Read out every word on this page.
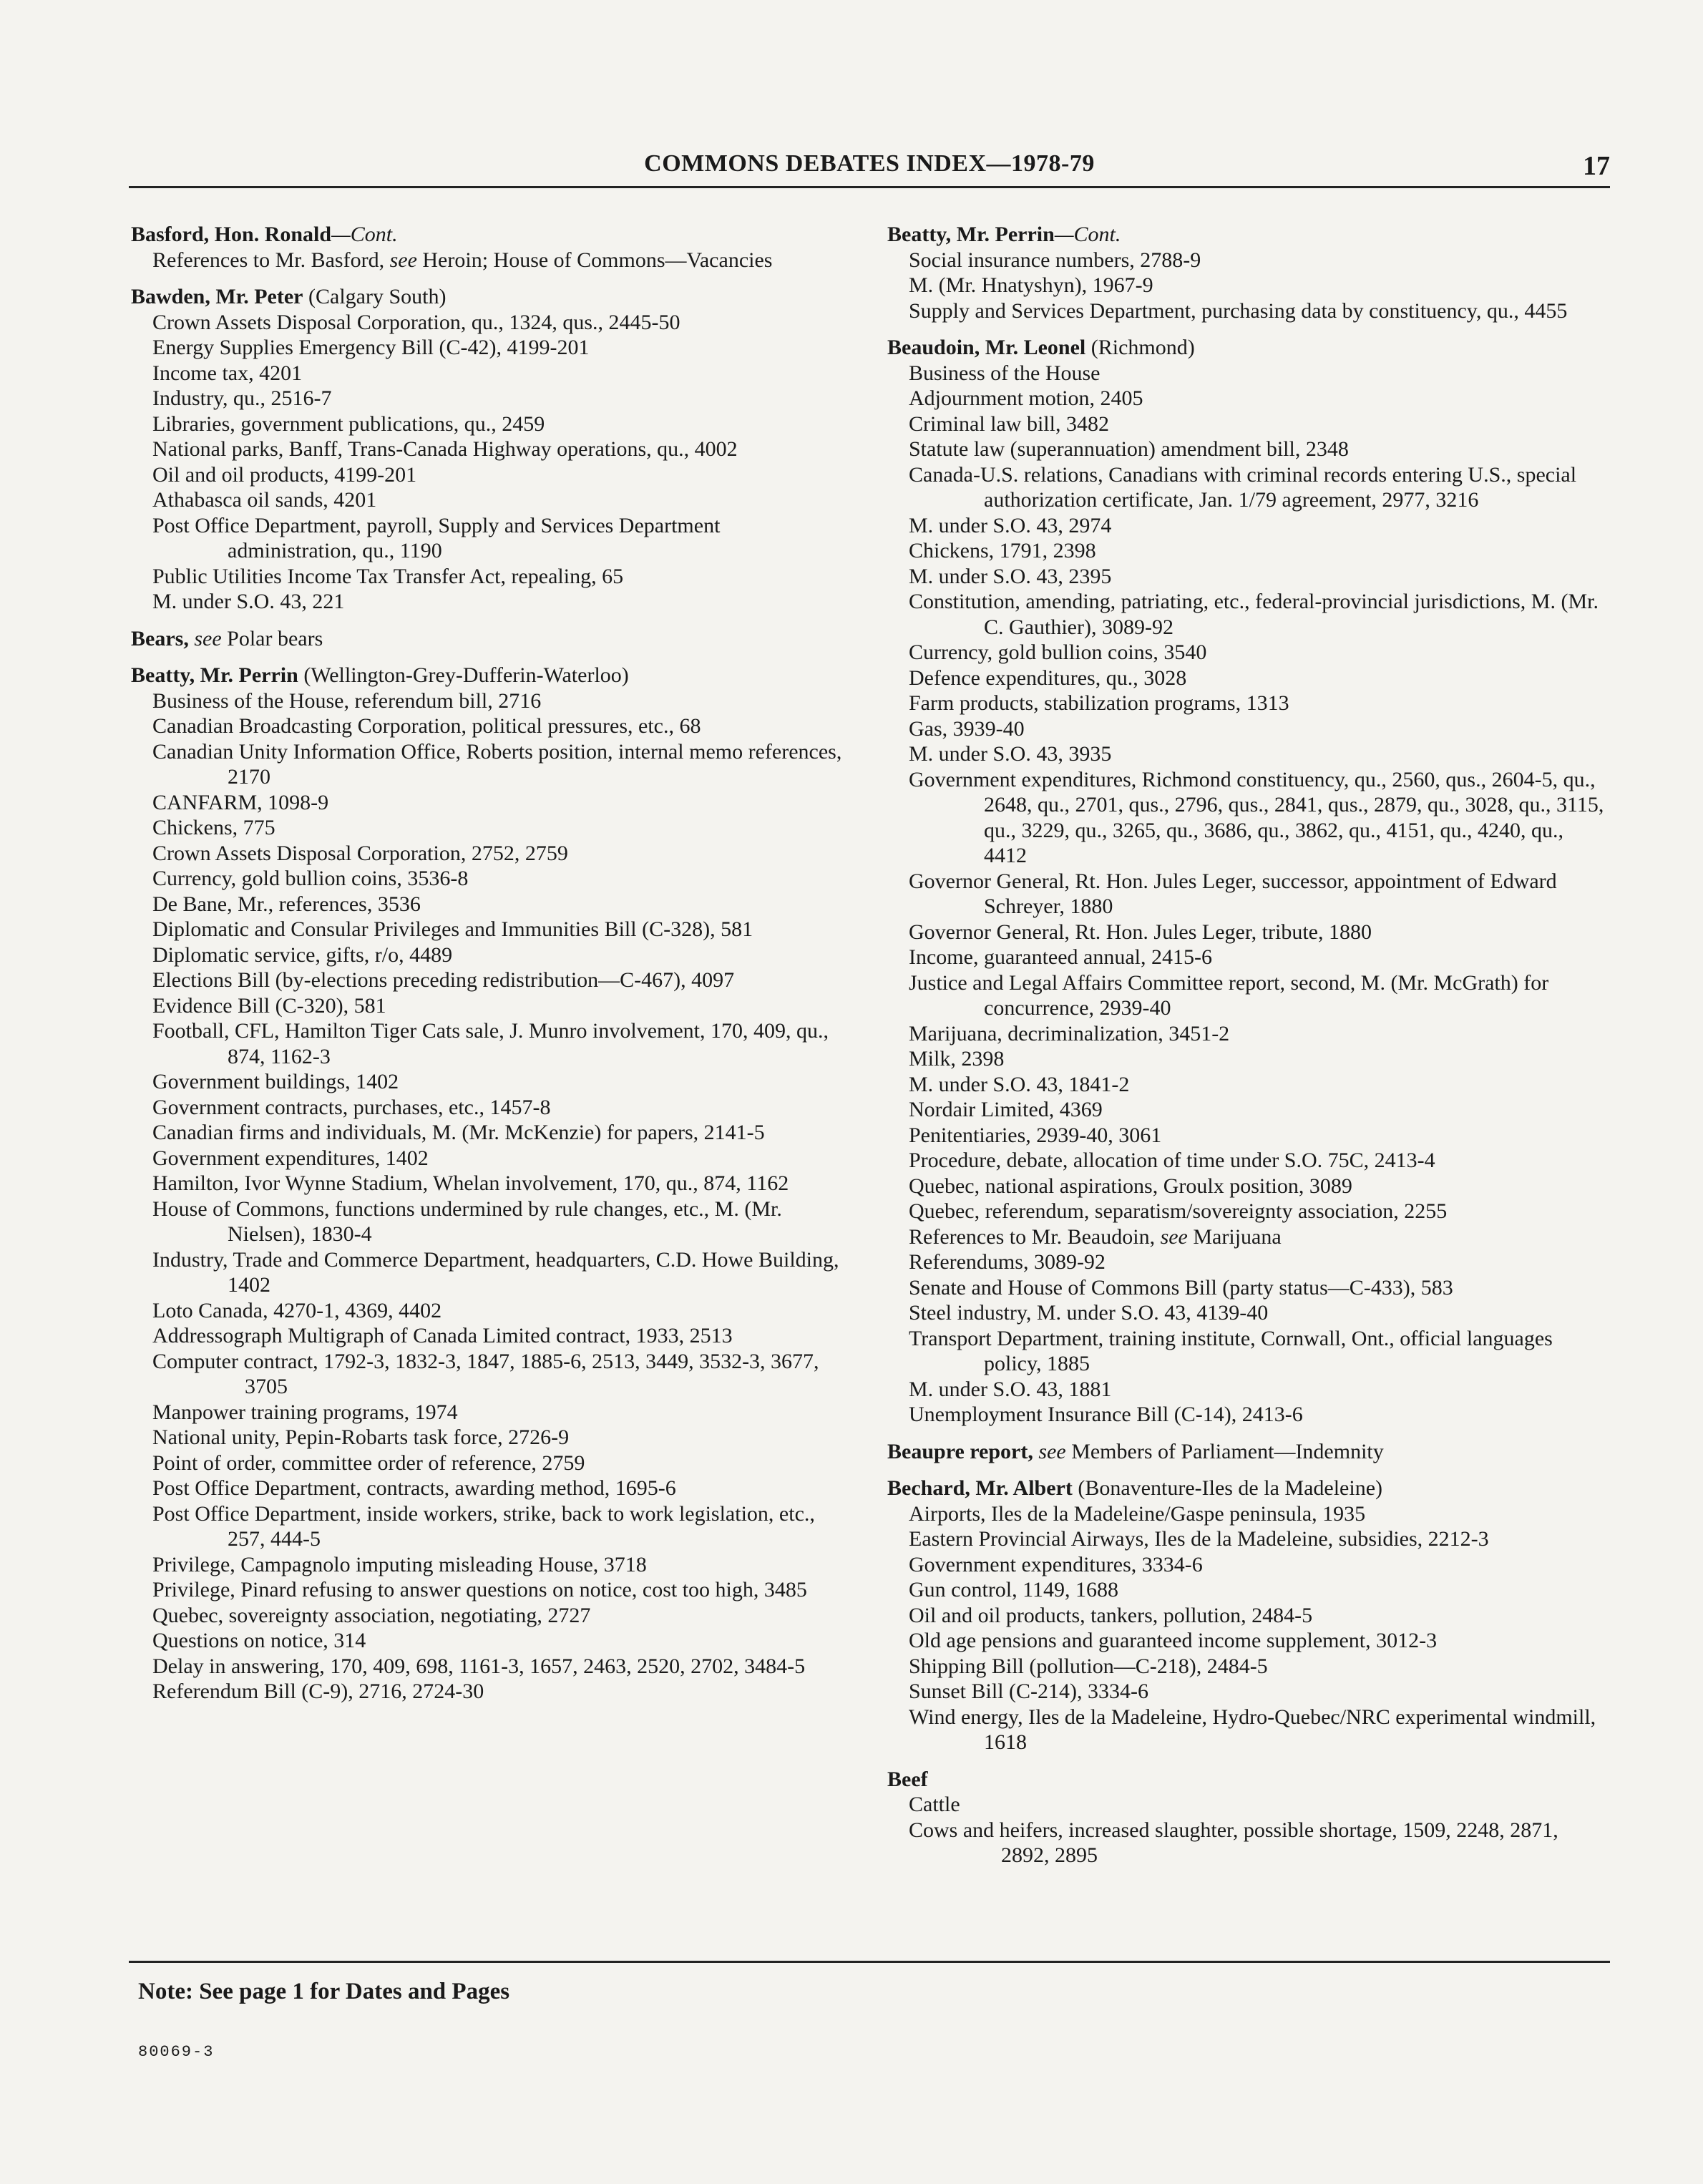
COMMONS DEBATES INDEX—1978-79	17
Basford, Hon. Ronald—Cont.
References to Mr. Basford, see Heroin; House of Commons—Vacancies
Bawden, Mr. Peter (Calgary South)
Crown Assets Disposal Corporation, qu., 1324, qus., 2445-50
Energy Supplies Emergency Bill (C-42), 4199-201
Income tax, 4201
Industry, qu., 2516-7
Libraries, government publications, qu., 2459
National parks, Banff, Trans-Canada Highway operations, qu., 4002
Oil and oil products, 4199-201
Athabasca oil sands, 4201
Post Office Department, payroll, Supply and Services Department administration, qu., 1190
Public Utilities Income Tax Transfer Act, repealing, 65
M. under S.O. 43, 221
Bears, see Polar bears
Beatty, Mr. Perrin (Wellington-Grey-Dufferin-Waterloo)
Business of the House, referendum bill, 2716
Canadian Broadcasting Corporation, political pressures, etc., 68
Canadian Unity Information Office, Roberts position, internal memo references, 2170
CANFARM, 1098-9
Chickens, 775
Crown Assets Disposal Corporation, 2752, 2759
Currency, gold bullion coins, 3536-8
De Bane, Mr., references, 3536
Diplomatic and Consular Privileges and Immunities Bill (C-328), 581
Diplomatic service, gifts, r/o, 4489
Elections Bill (by-elections preceding redistribution—C-467), 4097
Evidence Bill (C-320), 581
Football, CFL, Hamilton Tiger Cats sale, J. Munro involvement, 170, 409, qu., 874, 1162-3
Government buildings, 1402
Government contracts, purchases, etc., 1457-8
Canadian firms and individuals, M. (Mr. McKenzie) for papers, 2141-5
Government expenditures, 1402
Hamilton, Ivor Wynne Stadium, Whelan involvement, 170, qu., 874, 1162
House of Commons, functions undermined by rule changes, etc., M. (Mr. Nielsen), 1830-4
Industry, Trade and Commerce Department, headquarters, C.D. Howe Building, 1402
Loto Canada, 4270-1, 4369, 4402
Addressograph Multigraph of Canada Limited contract, 1933, 2513
Computer contract, 1792-3, 1832-3, 1847, 1885-6, 2513, 3449, 3532-3, 3677, 3705
Manpower training programs, 1974
National unity, Pepin-Robarts task force, 2726-9
Point of order, committee order of reference, 2759
Post Office Department, contracts, awarding method, 1695-6
Post Office Department, inside workers, strike, back to work legislation, etc., 257, 444-5
Privilege, Campagnolo imputing misleading House, 3718
Privilege, Pinard refusing to answer questions on notice, cost too high, 3485
Quebec, sovereignty association, negotiating, 2727
Questions on notice, 314
Delay in answering, 170, 409, 698, 1161-3, 1657, 2463, 2520, 2702, 3484-5
Referendum Bill (C-9), 2716, 2724-30
Beatty, Mr. Perrin—Cont.
Social insurance numbers, 2788-9
M. (Mr. Hnatyshyn), 1967-9
Supply and Services Department, purchasing data by constituency, qu., 4455
Beaudoin, Mr. Leonel (Richmond)
Business of the House
Adjournment motion, 2405
Criminal law bill, 3482
Statute law (superannuation) amendment bill, 2348
Canada-U.S. relations, Canadians with criminal records entering U.S., special authorization certificate, Jan. 1/79 agreement, 2977, 3216
M. under S.O. 43, 2974
Chickens, 1791, 2398
M. under S.O. 43, 2395
Constitution, amending, patriating, etc., federal-provincial jurisdictions, M. (Mr. C. Gauthier), 3089-92
Currency, gold bullion coins, 3540
Defence expenditures, qu., 3028
Farm products, stabilization programs, 1313
Gas, 3939-40
M. under S.O. 43, 3935
Government expenditures, Richmond constituency, qu., 2560, qus., 2604-5, qu., 2648, qu., 2701, qus., 2796, qus., 2841, qus., 2879, qu., 3028, qu., 3115, qu., 3229, qu., 3265, qu., 3686, qu., 3862, qu., 4151, qu., 4240, qu., 4412
Governor General, Rt. Hon. Jules Leger, successor, appointment of Edward Schreyer, 1880
Governor General, Rt. Hon. Jules Leger, tribute, 1880
Income, guaranteed annual, 2415-6
Justice and Legal Affairs Committee report, second, M. (Mr. McGrath) for concurrence, 2939-40
Marijuana, decriminalization, 3451-2
Milk, 2398
M. under S.O. 43, 1841-2
Nordair Limited, 4369
Penitentiaries, 2939-40, 3061
Procedure, debate, allocation of time under S.O. 75C, 2413-4
Quebec, national aspirations, Groulx position, 3089
Quebec, referendum, separatism/sovereignty association, 2255
References to Mr. Beaudoin, see Marijuana
Referendums, 3089-92
Senate and House of Commons Bill (party status—C-433), 583
Steel industry, M. under S.O. 43, 4139-40
Transport Department, training institute, Cornwall, Ont., official languages policy, 1885
M. under S.O. 43, 1881
Unemployment Insurance Bill (C-14), 2413-6
Beaupre report, see Members of Parliament—Indemnity
Bechard, Mr. Albert (Bonaventure-Iles de la Madeleine)
Airports, Iles de la Madeleine/Gaspe peninsula, 1935
Eastern Provincial Airways, Iles de la Madeleine, subsidies, 2212-3
Government expenditures, 3334-6
Gun control, 1149, 1688
Oil and oil products, tankers, pollution, 2484-5
Old age pensions and guaranteed income supplement, 3012-3
Shipping Bill (pollution—C-218), 2484-5
Sunset Bill (C-214), 3334-6
Wind energy, Iles de la Madeleine, Hydro-Quebec/NRC experimental windmill, 1618
Beef
Cattle
Cows and heifers, increased slaughter, possible shortage, 1509, 2248, 2871, 2892, 2895
Note: See page 1 for Dates and Pages
80069-3
